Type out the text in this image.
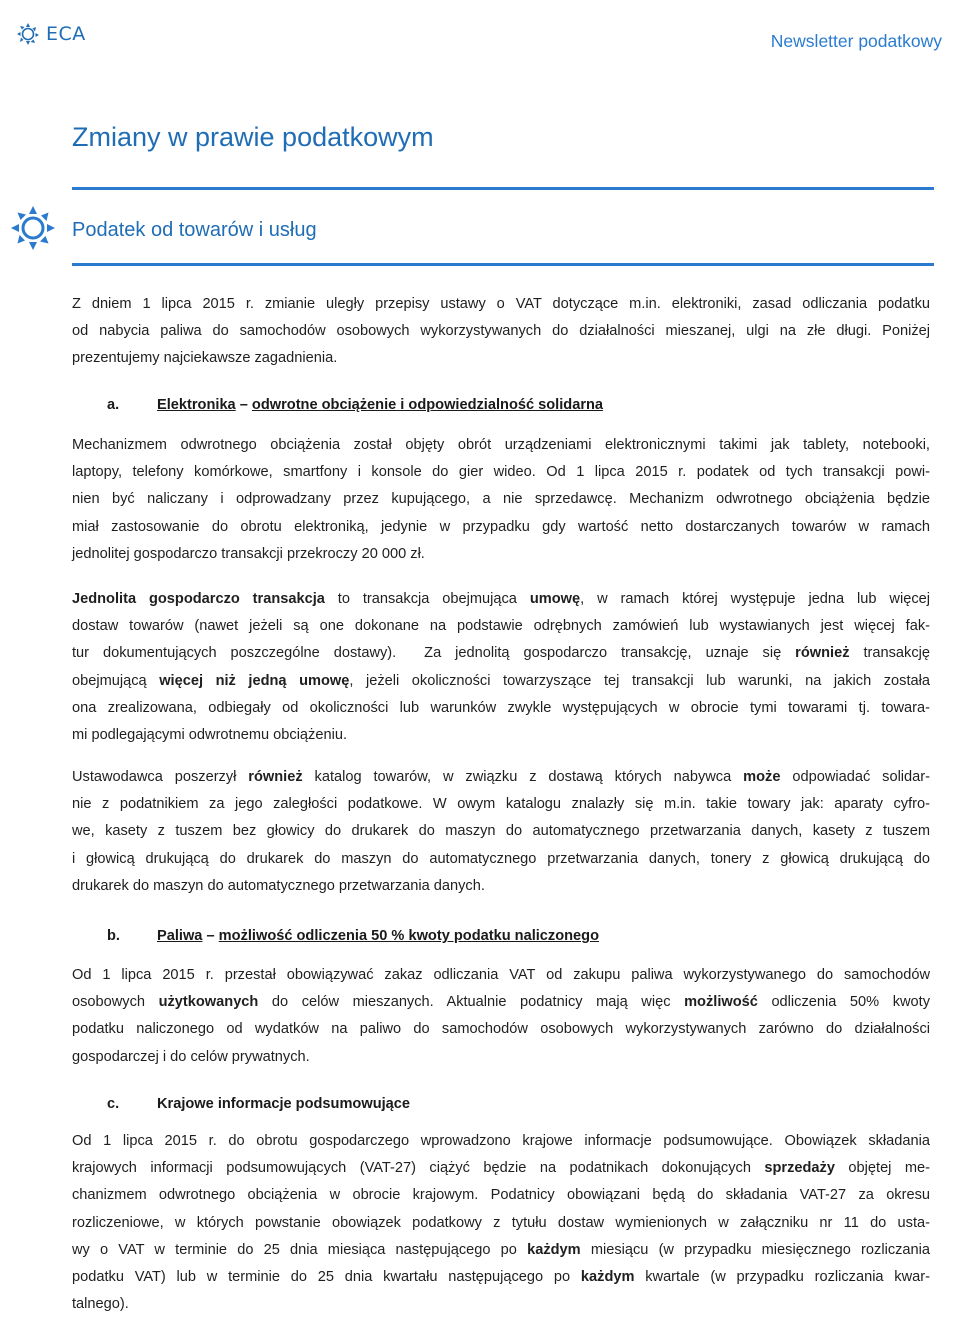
ECA	Newsletter podatkowy
Zmiany w prawie podatkowym
Podatek od towarów i usług
Z dniem 1 lipca 2015 r. zmianie uległy przepisy ustawy o VAT dotyczące m.in. elektroniki, zasad odliczania podatku
od nabycia paliwa do samochodów osobowych wykorzystywanych do działalności mieszanej, ulgi na złe długi. Poniżej
prezentujemy najciekawsze zagadnienia.
a.	Elektronika – odwrotne obciążenie i odpowiedzialność solidarna
Mechanizmem odwrotnego obciążenia został objęty obrót urządzeniami elektronicznymi takimi jak tablety, notebooki,
laptopy, telefony komórkowe, smartfony i konsole do gier wideo. Od 1 lipca 2015 r. podatek od tych transakcji powi-
nien być naliczany i odprowadzany przez kupującego, a nie sprzedawcę. Mechanizm odwrotnego obciążenia będzie
miał zastosowanie do obrotu elektroniką, jedynie w przypadku gdy wartość netto dostarczanych towarów w ramach
jednolitej gospodarczo transakcji przekroczy 20 000 zł.
Jednolita gospodarczo transakcja to transakcja obejmująca umowę, w ramach której występuje jedna lub więcej
dostaw towarów (nawet jeżeli są one dokonane na podstawie odrębnych zamówień lub wystawianych jest więcej fak-
tur dokumentujących poszczególne dostawy).  Za jednolitą gospodarczo transakcję, uznaje się również transakcję
obejmującą więcej niż jedną umowę, jeżeli okoliczności towarzyszące tej transakcji lub warunki, na jakich została
ona zrealizowana, odbiegały od okoliczności lub warunków zwykle występujących w obrocie tymi towarami tj. towara-
mi podlegającymi odwrotnemu obciążeniu.
Ustawodawca poszerzył również katalog towarów, w związku z dostawą których nabywca może odpowiadać solidar-
nie z podatnikiem za jego zaległości podatkowe. W owym katalogu znalazły się m.in. takie towary jak: aparaty cyfro-
we, kasety z tuszem bez głowicy do drukarek do maszyn do automatycznego przetwarzania danych, kasety z tuszem
i głowicą drukującą do drukarek do maszyn do automatycznego przetwarzania danych, tonery z głowicą drukującą do
drukarek do maszyn do automatycznego przetwarzania danych.
b.	Paliwa – możliwość odliczenia 50 % kwoty podatku naliczonego
Od 1 lipca 2015 r. przestał obowiązywać zakaz odliczania VAT od zakupu paliwa wykorzystywanego do samochodów
osobowych użytkowanych do celów mieszanych. Aktualnie podatnicy mają więc możliwość odliczenia 50% kwoty
podatku naliczonego od wydatków na paliwo do samochodów osobowych wykorzystywanych zarówno do działalności
gospodarczej i do celów prywatnych.
c.	Krajowe informacje podsumowujące
Od 1 lipca 2015 r. do obrotu gospodarczego wprowadzono krajowe informacje podsumowujące. Obowiązek składania
krajowych informacji podsumowujących (VAT-27) ciążyć będzie na podatnikach dokonujących sprzedaży objętej me-
chanizmem odwrotnego obciążenia w obrocie krajowym. Podatnicy obowiązani będą do składania VAT-27 za okresu
rozliczeniowe, w których powstanie obowiązek podatkowy z tytułu dostaw wymienionych w załączniku nr 11 do usta-
wy o VAT w terminie do 25 dnia miesiąca następującego po każdym miesiącu (w przypadku miesięcznego rozliczania
podatku VAT) lub w terminie do 25 dnia kwartału następującego po każdym kwartale (w przypadku rozliczania kwar-
talnego).
